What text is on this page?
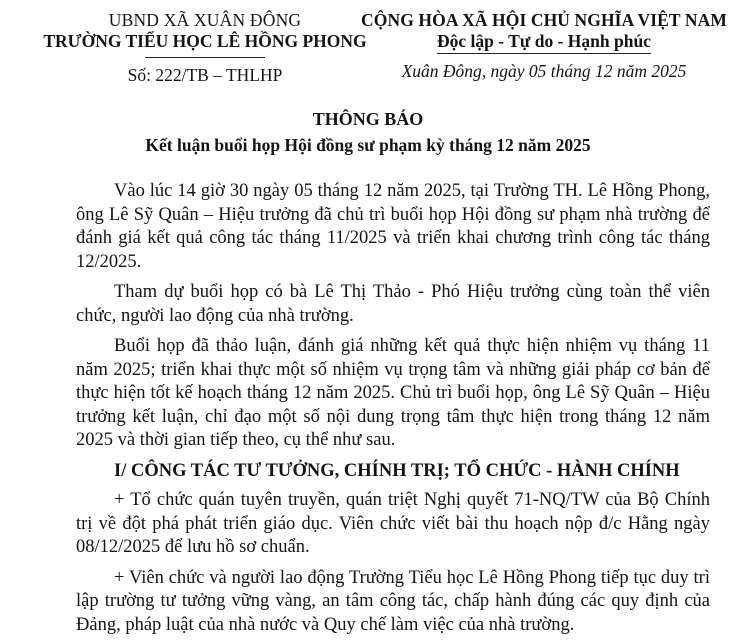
UBND XÃ XUÂN ĐÔNG
TRƯỜNG TIỂU HỌC LÊ HỒNG PHONG
Số: 222/TB – THLHP
CỘNG HÒA XÃ HỘI CHỦ NGHĨA VIỆT NAM
Độc lập - Tự do - Hạnh phúc
Xuân Đông, ngày 05 tháng 12 năm 2025
THÔNG BÁO
Kết luận buổi họp Hội đồng sư phạm kỳ tháng 12 năm 2025

Vào lúc 14 giờ 30 ngày 05 tháng 12 năm 2025, tại Trường TH. Lê Hồng Phong, ông Lê Sỹ Quân – Hiệu trưởng đã chủ trì buổi họp Hội đồng sư phạm nhà trường để đánh giá kết quả công tác tháng 11/2025 và triển khai chương trình công tác tháng 12/2025.

Tham dự buổi họp có bà Lê Thị Thảo - Phó Hiệu trưởng cùng toàn thể viên chức, người lao động của nhà trường.

Buổi họp đã thảo luận, đánh giá những kết quả thực hiện nhiệm vụ tháng 11 năm 2025; triển khai thực một số nhiệm vụ trọng tâm và những giải pháp cơ bản để thực hiện tốt kế hoạch tháng 12 năm 2025. Chủ trì buổi họp, ông Lê Sỹ Quân – Hiệu trưởng kết luận, chỉ đạo một số nội dung trọng tâm thực hiện trong tháng 12 năm 2025 và thời gian tiếp theo, cụ thể như sau.

I/ CÔNG TÁC TƯ TƯỞNG, CHÍNH TRỊ; TỔ CHỨC - HÀNH CHÍNH

+ Tổ chức quán tuyên truyền, quán triệt Nghị quyết 71-NQ/TW của Bộ Chính trị về đột phá phát triển giáo dục. Viên chức viết bài thu hoạch nộp đ/c Hằng ngày 08/12/2025 để lưu hồ sơ chuẩn.

+ Viên chức và người lao động Trường Tiểu học Lê Hồng Phong tiếp tục duy trì lập trường tư tưởng vững vàng, an tâm công tác, chấp hành đúng các quy định của Đảng, pháp luật của nhà nước và Quy chế làm việc của nhà trường.
